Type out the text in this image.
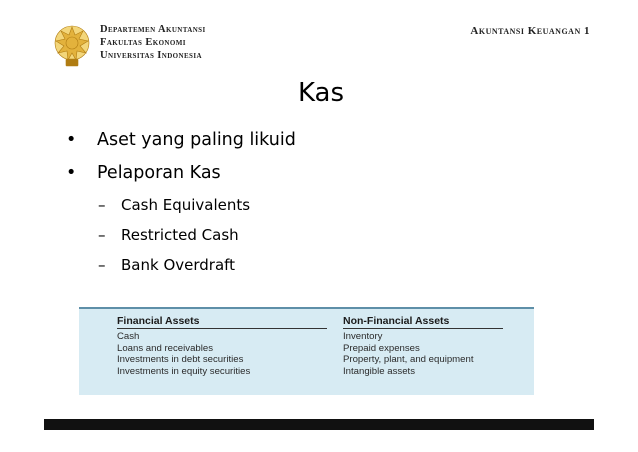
Departemen Akuntansi
Fakultas Ekonomi
Universitas Indonesia
Akuntansi Keuangan 1
Kas
• Aset yang paling likuid
• Pelaporan Kas
– Cash Equivalents
– Restricted Cash
– Bank Overdraft
Financial Assets
Cash
Loans and receivables
Investments in debt securities
Investments in equity securities
Non-Financial Assets
Inventory
Prepaid expenses
Property, plant, and equipment
Intangible assets
